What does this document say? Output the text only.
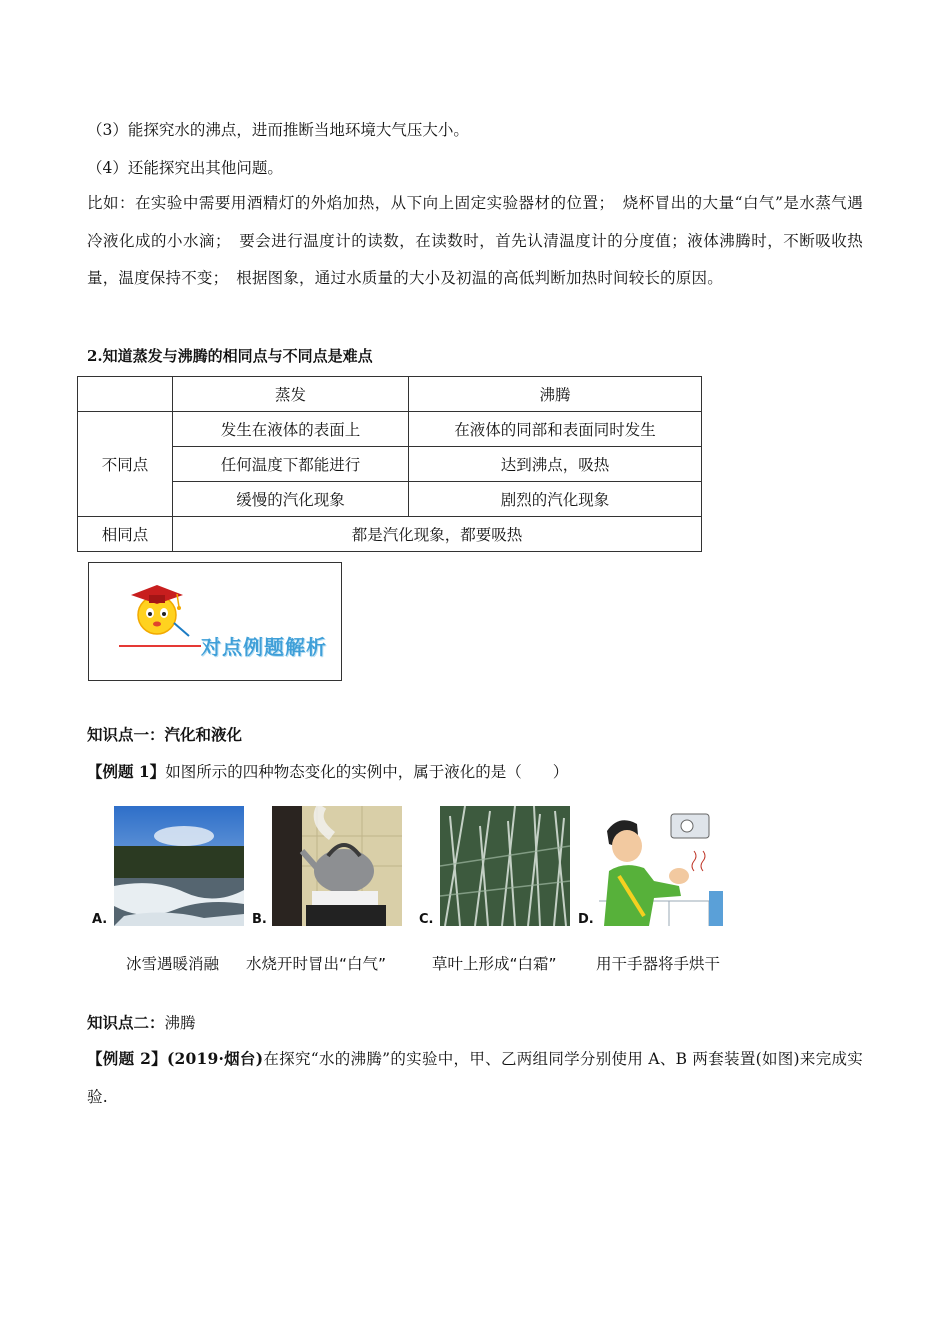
（3）能探究水的沸点，进而推断当地环境大气压大小。
（4）还能探究出其他问题。
比如：在实验中需要用酒精灯的外焰加热，从下向上固定实验器材的位置；　烧杯冒出的大量“白气”是水蒸气遇冷液化成的小水滴；　要会进行温度计的读数，在读数时，首先认清温度计的分度值；液体沸腾时，不断吸收热量，温度保持不变；　根据图象，通过水质量的大小及初温的高低判断加热时间较长的原因。
2.知道蒸发与沸腾的相同点与不同点是难点
	蒸发	沸腾
不同点	发生在液体的表面上	在液体的同部和表面同时发生
	任何温度下都能进行	达到沸点，吸热
	缓慢的汽化现象	剧烈的汽化现象
相同点	都是汽化现象，都要吸热	
对点例题解析
知识点一：汽化和液化
【例题 1】如图所示的四种物态变化的实例中，属于液化的是（　　）
A.
冰雪遇暖消融
B.
水烧开时冒出“白气”
C.
草叶上形成“白霜”
D.
用干手器将手烘干
知识点二：沸腾
【例题 2】(2019·烟台)在探究“水的沸腾”的实验中，甲、乙两组同学分别使用 A、B 两套装置(如图)来完成实验.
